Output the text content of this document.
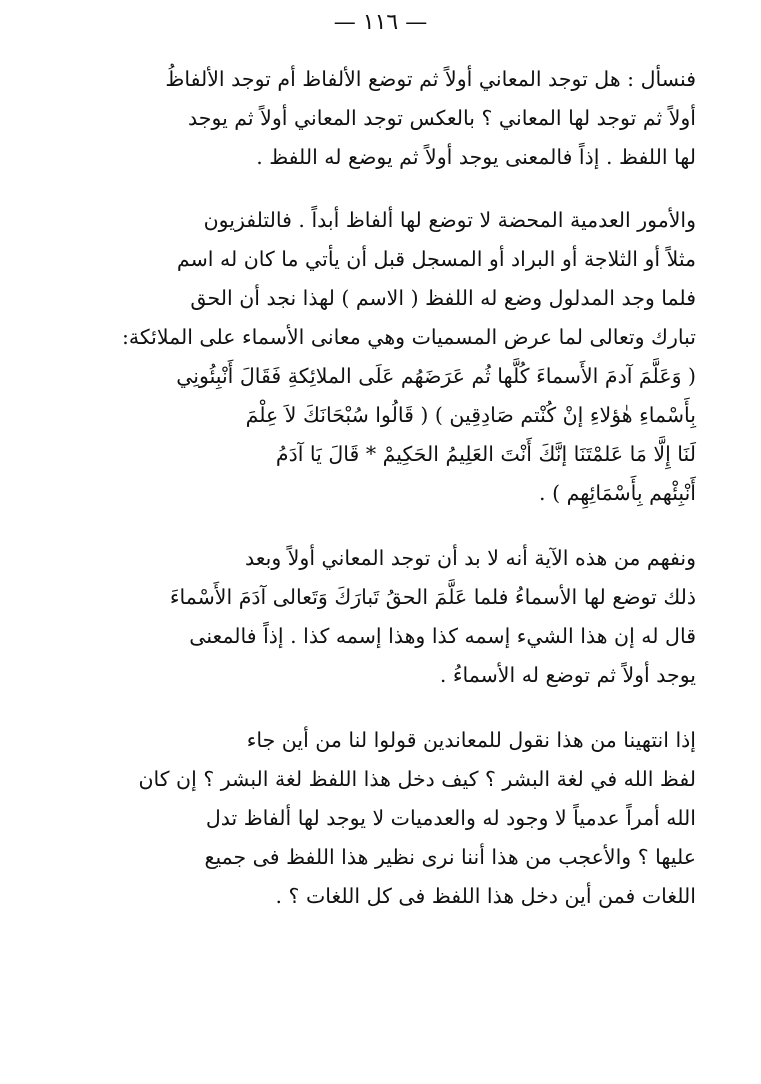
— ١١٦ —
فنسأل : هل توجد المعاني أولاً ثم توضع الألفاظ أم توجد الألفاظُ
أولاً ثم توجد لها المعاني ؟ بالعكس توجد المعاني أولاً ثم يوجد
لها اللفظ . إذاً فالمعنى يوجد أولاً ثم يوضع له اللفظ .
والأمور العدمية المحضة لا توضع لها ألفاظ أبداً . فالتلفزيون
مثلاً أو الثلاجة أو البراد أو المسجل قبل أن يأتي ما كان له اسم
فلما وجد المدلول وضع له اللفظ ( الاسم ) لهذا نجد أن الحق
تبارك وتعالى لما عرض المسميات وهي معانى الأسماء على الملائكة:
( وَعَلَّمَ آدمَ الأَسماءَ كُلَّها ثُم عَرَضَهُم عَلَى الملائِكةِ فَقَالَ أَنْبِئُونِي
بِأَسْماءِ هٰؤلاءِ إنْ كُنْتم صَادِقِين ) ( قَالُوا سُبْحَانَكَ لاَ عِلْمَ
لَنَا إِلَّا مَا عَلمْتَنَا إنَّكَ أَنْتَ العَلِيمُ الحَكِيمْ * قَالَ يَا آدَمُ
أَنْبِئْهم بِأَسْمَائِهِم ) .
ونفهم من هذه الآية أنه لا بد أن توجد المعاني أولاً وبعد
ذلك توضع لها الأسماءُ فلما عَلَّمَ الحقُ تَبارَكَ وَتَعالى آدَمَ الأَسْماءَ
قال له إن هذا الشيء إسمه كذا وهذا إسمه كذا . إذاً فالمعنى
يوجد أولاً ثم توضع له الأسماءُ .
إذا انتهينا من هذا نقول للمعاندين قولوا لنا من أين جاء
لفظ الله في لغة البشر ؟ كيف دخل هذا اللفظ لغة البشر ؟ إن كان
الله أمراً عدمياً لا وجود له والعدميات لا يوجد لها ألفاظ تدل
عليها ؟ والأعجب من هذا أننا نرى نظير هذا اللفظ فى جميع
اللغات فمن أين دخل هذا اللفظ فى كل اللغات ؟ .
